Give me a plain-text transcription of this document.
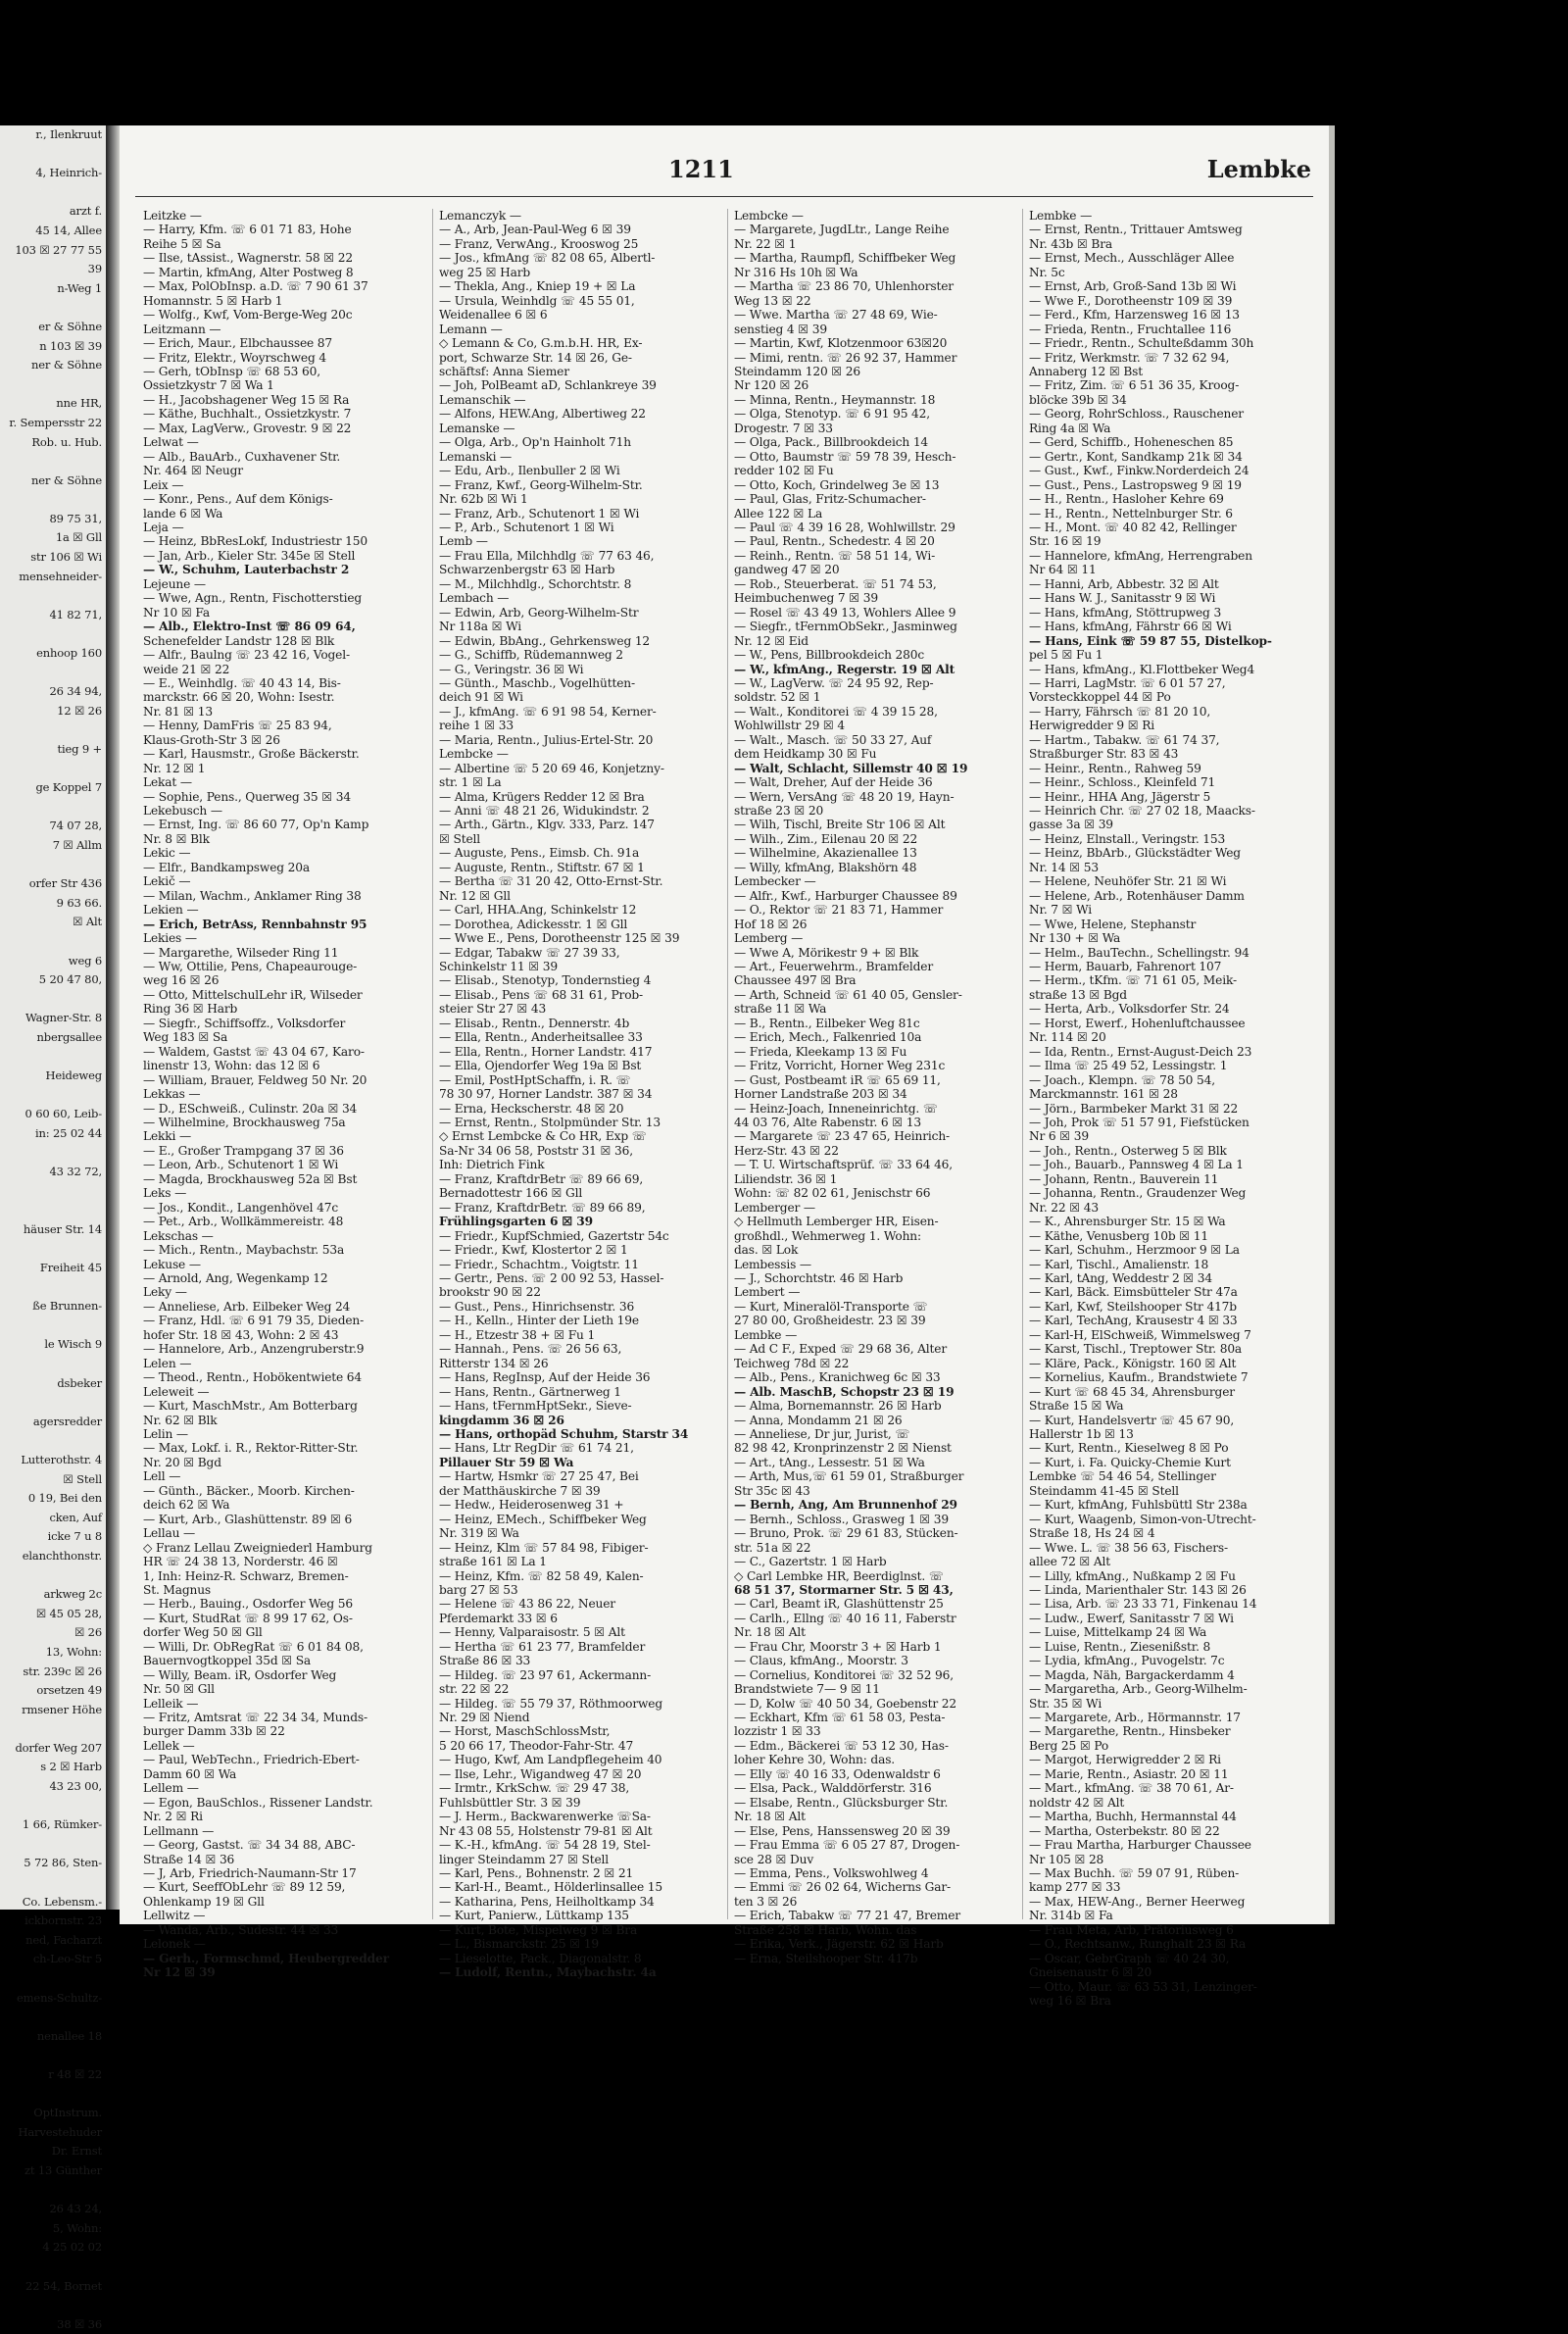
r., Ilenkruut

4, Heinrich-

arzt f.
45 14, Allee
103 ☒ 27 77 55
39
n-Weg 1

er & Söhne
n 103 ☒ 39
ner & Söhne

nne HR,
r. Sempersstr 22
Rob. u. Hub.

ner & Söhne

89 75 31,
1a ☒ Gll
str 106 ☒ Wi
mensehneider-

41 82 71,

enhoop 160

26 34 94,
12 ☒ 26

tieg 9 +

ge Koppel 7

74 07 28,
7 ☒ Allm

orfer Str 436
9 63 66.
☒ Alt

weg 6
5 20 47 80,

Wagner-Str. 8
nbergsallee

Heideweg

0 60 60, Leib-
in: 25 02 44

43 32 72,

häuser Str. 14

Freiheit 45

ße Brunnen-

le Wisch 9

dsbeker

agersredder

Lutterothstr. 4
☒ Stell
0 19, Bei den
cken, Auf
icke 7 u 8
elanchthonstr.

arkweg 2c
☒ 45 05 28,
☒ 26
13, Wohn:
str. 239c ☒ 26
orsetzen 49
rmsener Höhe

dorfer Weg 207
s 2 ☒ Harb
43 23 00,

1 66, Rümker-

5 72 86, Sten-

Co. Lebensm.-
ickbornstr. 23
ned, Facharzt
ch-Leo-Str 5

emens-Schultz-

nenallee 18

r 48 ☒ 22

OptInstrum.
Harvestehuder
Dr. Ernst
zt 13 Günther

26 43 24,
5, Wohn:
4 25 02 02

22 54, Bornet

38 ☒ 36
1211	Lembke
Leitzke —
— Harry, Kfm. ☏ 6 01 71 83, Hohe
Reihe 5 ☒ Sa
— Ilse, tAssist., Wagnerstr. 58 ☒ 22
— Martin, kfmAng, Alter Postweg 8
— Max, PolObInsp. a.D. ☏ 7 90 61 37
Homannstr. 5 ☒ Harb 1
— Wolfg., Kwf, Vom-Berge-Weg 20c
Leitzmann —
— Erich, Maur., Elbchaussee 87
— Fritz, Elektr., Woyrschweg 4
— Gerh, tObInsp ☏ 68 53 60,
Ossietzkystr 7 ☒ Wa 1
— H., Jacobshagener Weg 15 ☒ Ra
— Käthe, Buchhalt., Ossietzkystr. 7
— Max, LagVerw., Grovestr. 9 ☒ 22
Lelwat —
— Alb., BauArb., Cuxhavener Str.
Nr. 464 ☒ Neugr
Leix —
— Konr., Pens., Auf dem Königs-
lande 6 ☒ Wa
Leja —
— Heinz, BbResLokf, Industriestr 150
— Jan, Arb., Kieler Str. 345e ☒ Stell
— W., Schuhm, Lauterbachstr 2
Lejeune —
— Wwe, Agn., Rentn, Fischotterstieg
Nr 10 ☒ Fa
— Alb., Elektro-Inst ☏ 86 09 64,
Schenefelder Landstr 128 ☒ Blk
— Alfr., Baulng ☏ 23 42 16, Vogel-
weide 21 ☒ 22
— E., Weinhdlg. ☏ 40 43 14, Bis-
marckstr. 66 ☒ 20, Wohn: Isestr.
Nr. 81 ☒ 13
— Henny, DamFris ☏ 25 83 94,
Klaus-Groth-Str 3 ☒ 26
— Karl, Hausmstr., Große Bäckerstr.
Nr. 12 ☒ 1
Lekat —
— Sophie, Pens., Querweg 35 ☒ 34
Lekebusch —
— Ernst, Ing. ☏ 86 60 77, Op'n Kamp
Nr. 8 ☒ Blk
Lekic —
— Elfr., Bandkampsweg 20a
Lekič —
— Milan, Wachm., Anklamer Ring 38
Lekien —
— Erich, BetrAss, Rennbahnstr 95
Lekies —
— Margarethe, Wilseder Ring 11
— Ww, Ottilie, Pens, Chapeaurouge-
weg 16 ☒ 26
— Otto, MittelschulLehr iR, Wilseder
Ring 36 ☒ Harb
— Siegfr., Schiffsoffz., Volksdorfer
Weg 183 ☒ Sa
— Waldem, Gastst ☏ 43 04 67, Karo-
linenstr 13, Wohn: das 12 ☒ 6
— William, Brauer, Feldweg 50 Nr. 20
Lekkas —
— D., ESchweiß., Culinstr. 20a ☒ 34
— Wilhelmine, Brockhausweg 75a
Lekki —
— E., Großer Trampgang 37 ☒ 36
— Leon, Arb., Schutenort 1 ☒ Wi
— Magda, Brockhausweg 52a ☒ Bst
Leks —
— Jos., Kondit., Langenhövel 47c
— Pet., Arb., Wollkämmereistr. 48
Lekschas —
— Mich., Rentn., Maybachstr. 53a
Lekuse —
— Arnold, Ang, Wegenkamp 12
Leky —
— Anneliese, Arb. Eilbeker Weg 24
— Franz, Hdl. ☏ 6 91 79 35, Dieden-
hofer Str. 18 ☒ 43, Wohn: 2 ☒ 43
— Hannelore, Arb., Anzengruberstr.9
Lelen —
— Theod., Rentn., Hobökentwiete 64
Leleweit —
— Kurt, MaschMstr., Am Botterbarg
Nr. 62 ☒ Blk
Lelin —
— Max, Lokf. i. R., Rektor-Ritter-Str.
Nr. 20 ☒ Bgd
Lell —
— Günth., Bäcker., Moorb. Kirchen-
deich 62 ☒ Wa
— Kurt, Arb., Glashüttenstr. 89 ☒ 6
Lellau —
◇ Franz Lellau Zweigniederl Hamburg
HR ☏ 24 38 13, Norderstr. 46 ☒
1, Inh: Heinz-R. Schwarz, Bremen-
St. Magnus
— Herb., Bauing., Osdorfer Weg 56
— Kurt, StudRat ☏ 8 99 17 62, Os-
dorfer Weg 50 ☒ Gll
— Willi, Dr. ObRegRat ☏ 6 01 84 08,
Bauernvogtkoppel 35d ☒ Sa
— Willy, Beam. iR, Osdorfer Weg
Nr. 50 ☒ Gll
Lelleik —
— Fritz, Amtsrat ☏ 22 34 34, Munds-
burger Damm 33b ☒ 22
Lellek —
— Paul, WebTechn., Friedrich-Ebert-
Damm 60 ☒ Wa
Lellem —
— Egon, BauSchlos., Rissener Landstr.
Nr. 2 ☒ Ri
Lellmann —
— Georg, Gastst. ☏ 34 34 88, ABC-
Straße 14 ☒ 36
— J, Arb, Friedrich-Naumann-Str 17
— Kurt, SeeffObLehr ☏ 89 12 59,
Ohlenkamp 19 ☒ Gll
Lellwitz —
— Wanda, Arb., Sudestr. 44 ☒ 33
Lelonek —
— Gerh., Formschmd, Heubergredder
Nr 12 ☒ 39
Lemanczyk —
— A., Arb, Jean-Paul-Weg 6 ☒ 39
— Franz, VerwAng., Krooswog 25
— Jos., kfmAng ☏ 82 08 65, Albertl-
weg 25 ☒ Harb
— Thekla, Ang., Kniep 19 + ☒ La
— Ursula, Weinhdlg ☏ 45 55 01,
Weidenallee 6 ☒ 6
Lemann —
◇ Lemann & Co, G.m.b.H. HR, Ex-
port, Schwarze Str. 14 ☒ 26, Ge-
schäftsf: Anna Siemer
— Joh, PolBeamt aD, Schlankreye 39
Lemanschik —
— Alfons, HEW.Ang, Albertiweg 22
Lemanske —
— Olga, Arb., Op'n Hainholt 71h
Lemanski —
— Edu, Arb., Ilenbuller 2 ☒ Wi
— Franz, Kwf., Georg-Wilhelm-Str.
Nr. 62b ☒ Wi 1
— Franz, Arb., Schutenort 1 ☒ Wi
— P., Arb., Schutenort 1 ☒ Wi
Lemb —
— Frau Ella, Milchhdlg ☏ 77 63 46,
Schwarzenbergstr 63 ☒ Harb
— M., Milchhdlg., Schorchtstr. 8
Lembach —
— Edwin, Arb, Georg-Wilhelm-Str
Nr 118a ☒ Wi
— Edwin, BbAng., Gehrkensweg 12
— G., Schiffb, Rüdemannweg 2
— G., Veringstr. 36 ☒ Wi
— Günth., Maschb., Vogelhütten-
deich 91 ☒ Wi
— J., kfmAng. ☏ 6 91 98 54, Kerner-
reihe 1 ☒ 33
— Maria, Rentn., Julius-Ertel-Str. 20
Lembcke —
— Albertine ☏ 5 20 69 46, Konjetzny-
str. 1 ☒ La
— Alma, Krügers Redder 12 ☒ Bra
— Anni ☏ 48 21 26, Widukindstr. 2
— Arth., Gärtn., Klgv. 333, Parz. 147
☒ Stell
— Auguste, Pens., Eimsb. Ch. 91a
— Auguste, Rentn., Stiftstr. 67 ☒ 1
— Bertha ☏ 31 20 42, Otto-Ernst-Str.
Nr. 12 ☒ Gll
— Carl, HHA.Ang, Schinkelstr 12
— Dorothea, Adickesstr. 1 ☒ Gll
— Wwe E., Pens, Dorotheenstr 125 ☒ 39
— Edgar, Tabakw ☏ 27 39 33,
Schinkelstr 11 ☒ 39
— Elisab., Stenotyp, Tondernstieg 4
— Elisab., Pens ☏ 68 31 61, Prob-
steier Str 27 ☒ 43
— Elisab., Rentn., Dennerstr. 4b
— Ella, Rentn., Anderheitsallee 33
— Ella, Rentn., Horner Landstr. 417
— Ella, Ojendorfer Weg 19a ☒ Bst
— Emil, PostHptSchaffn, i. R. ☏
78 30 97, Horner Landstr. 387 ☒ 34
— Erna, Heckscherstr. 48 ☒ 20
— Ernst, Rentn., Stolpmünder Str. 13
◇ Ernst Lembcke & Co HR, Exp ☏
Sa-Nr 34 06 58, Poststr 31 ☒ 36,
Inh: Dietrich Fink
— Franz, KraftdrBetr ☏ 89 66 69,
Bernadottestr 166 ☒ Gll
— Franz, KraftdrBetr. ☏ 89 66 89,
Frühlingsgarten 6 ☒ 39
— Friedr., KupfSchmied, Gazertstr 54c
— Friedr., Kwf, Klostertor 2 ☒ 1
— Friedr., Schachtm., Voigtstr. 11
— Gertr., Pens. ☏ 2 00 92 53, Hassel-
brookstr 90 ☒ 22
— Gust., Pens., Hinrichsenstr. 36
— H., Kelln., Hinter der Lieth 19e
— H., Etzestr 38 + ☒ Fu 1
— Hannah., Pens. ☏ 26 56 63,
Ritterstr 134 ☒ 26
— Hans, RegInsp, Auf der Heide 36
— Hans, Rentn., Gärtnerweg 1
— Hans, tFernmHptSekr., Sieve-
kingdamm 36 ☒ 26
— Hans, orthopäd Schuhm, Starstr 34
— Hans, Ltr RegDir ☏ 61 74 21,
Pillauer Str 59 ☒ Wa
— Hartw, Hsmkr ☏ 27 25 47, Bei
der Matthäuskirche 7 ☒ 39
— Hedw., Heiderosenweg 31 +
— Heinz, EMech., Schiffbeker Weg
Nr. 319 ☒ Wa
— Heinz, Klm ☏ 57 84 98, Fibiger-
straße 161 ☒ La 1
— Heinz, Kfm. ☏ 82 58 49, Kalen-
barg 27 ☒ 53
— Helene ☏ 43 86 22, Neuer
Pferdemarkt 33 ☒ 6
— Henny, Valparaisostr. 5 ☒ Alt
— Hertha ☏ 61 23 77, Bramfelder
Straße 86 ☒ 33
— Hildeg. ☏ 23 97 61, Ackermann-
str. 22 ☒ 22
— Hildeg. ☏ 55 79 37, Röthmoorweg
Nr. 29 ☒ Niend
— Horst, MaschSchlossMstr,
5 20 66 17, Theodor-Fahr-Str. 47
— Hugo, Kwf, Am Landpflegeheim 40
— Ilse, Lehr., Wigandweg 47 ☒ 20
— Irmtr., KrkSchw. ☏ 29 47 38,
Fuhlsbüttler Str. 3 ☒ 39
— J. Herm., Backwarenwerke ☏Sa-
Nr 43 08 55, Holstenstr 79-81 ☒ Alt
— K.-H., kfmAng. ☏ 54 28 19, Stel-
linger Steindamm 27 ☒ Stell
— Karl, Pens., Bohnenstr. 2 ☒ 21
— Karl-H., Beamt., Hölderlinsallee 15
— Katharina, Pens, Heilholtkamp 34
— Kurt, Panierw., Lüttkamp 135
— Kurt, Bote, Mispelweg 9 ☒ Bra
— L., Bismarckstr. 25 ☒ 19
— Lieselotte, Pack., Diagonalstr. 8
— Ludolf, Rentn., Maybachstr. 4a
Lembcke —
— Margarete, JugdLtr., Lange Reihe
Nr. 22 ☒ 1
— Martha, Raumpfl, Schiffbeker Weg
Nr 316 Hs 10h ☒ Wa
— Martha ☏ 23 86 70, Uhlenhorster
Weg 13 ☒ 22
— Wwe. Martha ☏ 27 48 69, Wie-
senstieg 4 ☒ 39
— Martin, Kwf, Klotzenmoor 63☒20
— Mimi, rentn. ☏ 26 92 37, Hammer
Steindamm 120 ☒ 26
Nr 120 ☒ 26
— Minna, Rentn., Heymannstr. 18
— Olga, Stenotyp. ☏ 6 91 95 42,
Drogestr. 7 ☒ 33
— Olga, Pack., Billbrookdeich 14
— Otto, Baumstr ☏ 59 78 39, Hesch-
redder 102 ☒ Fu
— Otto, Koch, Grindelweg 3e ☒ 13
— Paul, Glas, Fritz-Schumacher-
Allee 122 ☒ La
— Paul ☏ 4 39 16 28, Wohlwillstr. 29
— Paul, Rentn., Schedestr. 4 ☒ 20
— Reinh., Rentn. ☏ 58 51 14, Wi-
gandweg 47 ☒ 20
— Rob., Steuerberat. ☏ 51 74 53,
Heimbuchenweg 7 ☒ 39
— Rosel ☏ 43 49 13, Wohlers Allee 9
— Siegfr., tFernmObSekr., Jasminweg
Nr. 12 ☒ Eid
— W., Pens, Billbrookdeich 280c
— W., kfmAng., Regerstr. 19 ☒ Alt
— W., LagVerw. ☏ 24 95 92, Rep-
soldstr. 52 ☒ 1
— Walt., Konditorei ☏ 4 39 15 28,
Wohlwillstr 29 ☒ 4
— Walt., Masch. ☏ 50 33 27, Auf
dem Heidkamp 30 ☒ Fu
— Walt, Schlacht, Sillemstr 40 ☒ 19
— Walt, Dreher, Auf der Heide 36
— Wern, VersAng ☏ 48 20 19, Hayn-
straße 23 ☒ 20
— Wilh, Tischl, Breite Str 106 ☒ Alt
— Wilh., Zim., Eilenau 20 ☒ 22
— Wilhelmine, Akazienallee 13
— Willy, kfmAng, Blakshörn 48
Lembecker —
— Alfr., Kwf., Harburger Chaussee 89
— O., Rektor ☏ 21 83 71, Hammer
Hof 18 ☒ 26
Lemberg —
— Wwe A, Mörikestr 9 + ☒ Blk
— Art., Feuerwehrm., Bramfelder
Chaussee 497 ☒ Bra
— Arth, Schneid ☏ 61 40 05, Gensler-
straße 11 ☒ Wa
— B., Rentn., Eilbeker Weg 81c
— Erich, Mech., Falkenried 10a
— Frieda, Kleekamp 13 ☒ Fu
— Fritz, Vorricht, Horner Weg 231c
— Gust, Postbeamt iR ☏ 65 69 11,
Horner Landstraße 203 ☒ 34
— Heinz-Joach, Inneneinrichtg. ☏
44 03 76, Alte Rabenstr. 6 ☒ 13
— Margarete ☏ 23 47 65, Heinrich-
Herz-Str. 43 ☒ 22
— T. U. Wirtschaftsprüf. ☏ 33 64 46,
Liliendstr. 36 ☒ 1
Wohn: ☏ 82 02 61, Jenischstr 66
Lemberger —
◇ Hellmuth Lemberger HR, Eisen-
großhdl., Wehmerweg 1. Wohn:
das. ☒ Lok
Lembessis —
— J., Schorchtstr. 46 ☒ Harb
Lembert —
— Kurt, Mineralöl-Transporte ☏
27 80 00, Großheidestr. 23 ☒ 39
Lembke —
— Ad C F., Exped ☏ 29 68 36, Alter
Teichweg 78d ☒ 22
— Alb., Pens., Kranichweg 6c ☒ 33
— Alb. MaschB, Schopstr 23 ☒ 19
— Alma, Bornemannstr. 26 ☒ Harb
— Anna, Mondamm 21 ☒ 26
— Anneliese, Dr jur, Jurist, ☏
82 98 42, Kronprinzenstr 2 ☒ Nienst
— Art., tAng., Lessestr. 51 ☒ Wa
— Arth, Mus,☏ 61 59 01, Straßburger
Str 35c ☒ 43
— Bernh, Ang, Am Brunnenhof 29
— Bernh., Schloss., Grasweg 1 ☒ 39
— Bruno, Prok. ☏ 29 61 83, Stücken-
str. 51a ☒ 22
— C., Gazertstr. 1 ☒ Harb
◇ Carl Lembke HR, Beerdiglnst. ☏
68 51 37, Stormarner Str. 5 ☒ 43,
— Carl, Beamt iR, Glashüttenstr 25
— Carlh., Ellng ☏ 40 16 11, Faberstr
Nr. 18 ☒ Alt
— Frau Chr, Moorstr 3 + ☒ Harb 1
— Claus, kfmAng., Moorstr. 3
— Cornelius, Konditorei ☏ 32 52 96,
Brandstwiete 7— 9 ☒ 11
— D, Kolw ☏ 40 50 34, Goebenstr 22
— Eckhart, Kfm ☏ 61 58 03, Pesta-
lozzistr 1 ☒ 33
— Edm., Bäckerei ☏ 53 12 30, Has-
loher Kehre 30, Wohn: das.
— Elly ☏ 40 16 33, Odenwaldstr 6
— Elsa, Pack., Walddörferstr. 316
— Elsabe, Rentn., Glücksburger Str.
Nr. 18 ☒ Alt
— Else, Pens, Hanssensweg 20 ☒ 39
— Frau Emma ☏ 6 05 27 87, Drogen-
sce 28 ☒ Duv
— Emma, Pens., Volkswohlweg 4
— Emmi ☏ 26 02 64, Wicherns Gar-
ten 3 ☒ 26
— Erich, Tabakw ☏ 77 21 47, Bremer
Straße 258 ☒ Harb, Wohn. das
— Erika, Verk., Jägerstr. 62 ☒ Harb
— Erna, Steilshooper Str. 417b
Lembke —
— Ernst, Rentn., Trittauer Amtsweg
Nr. 43b ☒ Bra
— Ernst, Mech., Ausschläger Allee
Nr. 5c
— Ernst, Arb, Groß-Sand 13b ☒ Wi
— Wwe F., Dorotheenstr 109 ☒ 39
— Ferd., Kfm, Harzensweg 16 ☒ 13
— Frieda, Rentn., Fruchtallee 116
— Friedr., Rentn., Schulteßdamm 30h
— Fritz, Werkmstr. ☏ 7 32 62 94,
Annaberg 12 ☒ Bst
— Fritz, Zim. ☏ 6 51 36 35, Kroog-
blöcke 39b ☒ 34
— Georg, RohrSchloss., Rauschener
Ring 4a ☒ Wa
— Gerd, Schiffb., Hoheneschen 85
— Gertr., Kont, Sandkamp 21k ☒ 34
— Gust., Kwf., Finkw.Norderdeich 24
— Gust., Pens., Lastropsweg 9 ☒ 19
— H., Rentn., Hasloher Kehre 69
— H., Rentn., Nettelnburger Str. 6
— H., Mont. ☏ 40 82 42, Rellinger
Str. 16 ☒ 19
— Hannelore, kfmAng, Herrengraben
Nr 64 ☒ 11
— Hanni, Arb, Abbestr. 32 ☒ Alt
— Hans W. J., Sanitasstr 9 ☒ Wi
— Hans, kfmAng, Stöttrupweg 3
— Hans, kfmAng, Fährstr 66 ☒ Wi
— Hans, Eink ☏ 59 87 55, Distelkop-
pel 5 ☒ Fu 1
— Hans, kfmAng., Kl.Flottbeker Weg4
— Harri, LagMstr. ☏ 6 01 57 27,
Vorsteckkoppel 44 ☒ Po
— Harry, Fährsch ☏ 81 20 10,
Herwigredder 9 ☒ Ri
— Hartm., Tabakw. ☏ 61 74 37,
Straßburger Str. 83 ☒ 43
— Heinr., Rentn., Rahweg 59
— Heinr., Schloss., Kleinfeld 71
— Heinr., HHA Ang, Jägerstr 5
— Heinrich Chr. ☏ 27 02 18, Maacks-
gasse 3a ☒ 39
— Heinz, Elnstall., Veringstr. 153
— Heinz, BbArb., Glückstädter Weg
Nr. 14 ☒ 53
— Helene, Neuhöfer Str. 21 ☒ Wi
— Helene, Arb., Rotenhäuser Damm
Nr. 7 ☒ Wi
— Wwe, Helene, Stephanstr
Nr 130 + ☒ Wa
— Helm., BauTechn., Schellingstr. 94
— Herm, Bauarb, Fahrenort 107
— Herm., tKfm. ☏ 71 61 05, Meik-
straße 13 ☒ Bgd
— Herta, Arb., Volksdorfer Str. 24
— Horst, Ewerf., Hohenluftchaussee
Nr. 114 ☒ 20
— Ida, Rentn., Ernst-August-Deich 23
— Ilma ☏ 25 49 52, Lessingstr. 1
— Joach., Klempn. ☏ 78 50 54,
Marckmannstr. 161 ☒ 28
— Jörn., Barmbeker Markt 31 ☒ 22
— Joh, Prok ☏ 51 57 91, Fiefstücken
Nr 6 ☒ 39
— Joh., Rentn., Osterweg 5 ☒ Blk
— Joh., Bauarb., Pannsweg 4 ☒ La 1
— Johann, Rentn., Bauverein 11
— Johanna, Rentn., Graudenzer Weg
Nr. 22 ☒ 43
— K., Ahrensburger Str. 15 ☒ Wa
— Käthe, Venusberg 10b ☒ 11
— Karl, Schuhm., Herzmoor 9 ☒ La
— Karl, Tischl., Amalienstr. 18
— Karl, tAng, Weddestr 2 ☒ 34
— Karl, Bäck. Eimsbütteler Str 47a
— Karl, Kwf, Steilshooper Str 417b
— Karl, TechAng, Krausestr 4 ☒ 33
— Karl-H, ElSchweiß, Wimmelsweg 7
— Karst, Tischl., Treptower Str. 80a
— Kläre, Pack., Königstr. 160 ☒ Alt
— Kornelius, Kaufm., Brandstwiete 7
— Kurt ☏ 68 45 34, Ahrensburger
Straße 15 ☒ Wa
— Kurt, Handelsvertr ☏ 45 67 90,
Hallerstr 1b ☒ 13
— Kurt, Rentn., Kieselweg 8 ☒ Po
— Kurt, i. Fa. Quicky-Chemie Kurt
Lembke ☏ 54 46 54, Stellinger
Steindamm 41-45 ☒ Stell
— Kurt, kfmAng, Fuhlsbüttl Str 238a
— Kurt, Waagenb, Simon-von-Utrecht-
Straße 18, Hs 24 ☒ 4
— Wwe. L. ☏ 38 56 63, Fischers-
allee 72 ☒ Alt
— Lilly, kfmAng., Nußkamp 2 ☒ Fu
— Linda, Marienthaler Str. 143 ☒ 26
— Lisa, Arb. ☏ 23 33 71, Finkenau 14
— Ludw., Ewerf, Sanitasstr 7 ☒ Wi
— Luise, Mittelkamp 24 ☒ Wa
— Luise, Rentn., Ziesenißstr. 8
— Lydia, kfmAng., Puvogelstr. 7c
— Magda, Näh, Bargackerdamm 4
— Margaretha, Arb., Georg-Wilhelm-
Str. 35 ☒ Wi
— Margarete, Arb., Hörmannstr. 17
— Margarethe, Rentn., Hinsbeker
Berg 25 ☒ Po
— Margot, Herwigredder 2 ☒ Ri
— Marie, Rentn., Asiastr. 20 ☒ 11
— Mart., kfmAng. ☏ 38 70 61, Ar-
noldstr 42 ☒ Alt
— Martha, Buchh, Hermannstal 44
— Martha, Osterbekstr. 80 ☒ 22
— Frau Martha, Harburger Chaussee
Nr 105 ☒ 28
— Max Buchh. ☏ 59 07 91, Rüben-
kamp 277 ☒ 33
— Max, HEW-Ang., Berner Heerweg
Nr. 314b ☒ Fa
— Frau Meta, Arb, Prätoriusweg 6
— O., Rechtsanw., Runghalt 23 ☒ Ra
— Oscar, GebrGraph ☏ 40 24 30,
Gneisenaustr 6 ☒ 20
— Otto, Maur. ☏ 63 53 31, Lenzinger-
weg 16 ☒ Bra
